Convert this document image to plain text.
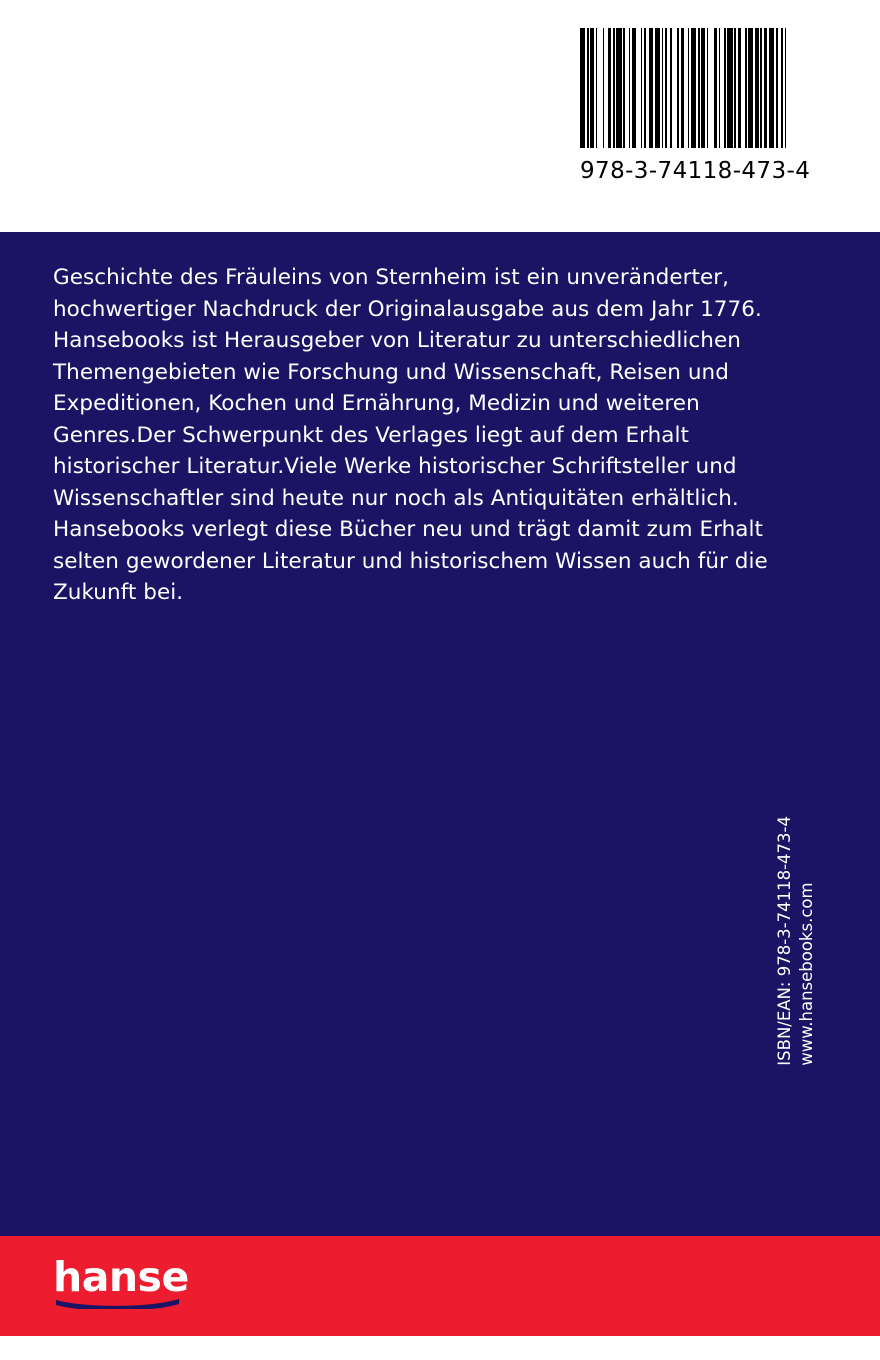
978-3-74118-473-4
Geschichte des Fräuleins von Sternheim ist ein unveränderter, hochwertiger Nachdruck der Originalausgabe aus dem Jahr 1776. Hansebooks ist Herausgeber von Literatur zu unterschiedlichen Themengebieten wie Forschung und Wissenschaft, Reisen und Expeditionen, Kochen und Ernährung, Medizin und weiteren Genres.Der Schwerpunkt des Verlages liegt auf dem Erhalt historischer Literatur.Viele Werke historischer Schriftsteller und Wissenschaftler sind heute nur noch als Antiquitäten erhältlich. Hansebooks verlegt diese Bücher neu und trägt damit zum Erhalt selten gewordener Literatur und historischem Wissen auch für die Zukunft bei.
ISBN/EAN: 978-3-74118-473-4 www.hansebooks.com
hanse
